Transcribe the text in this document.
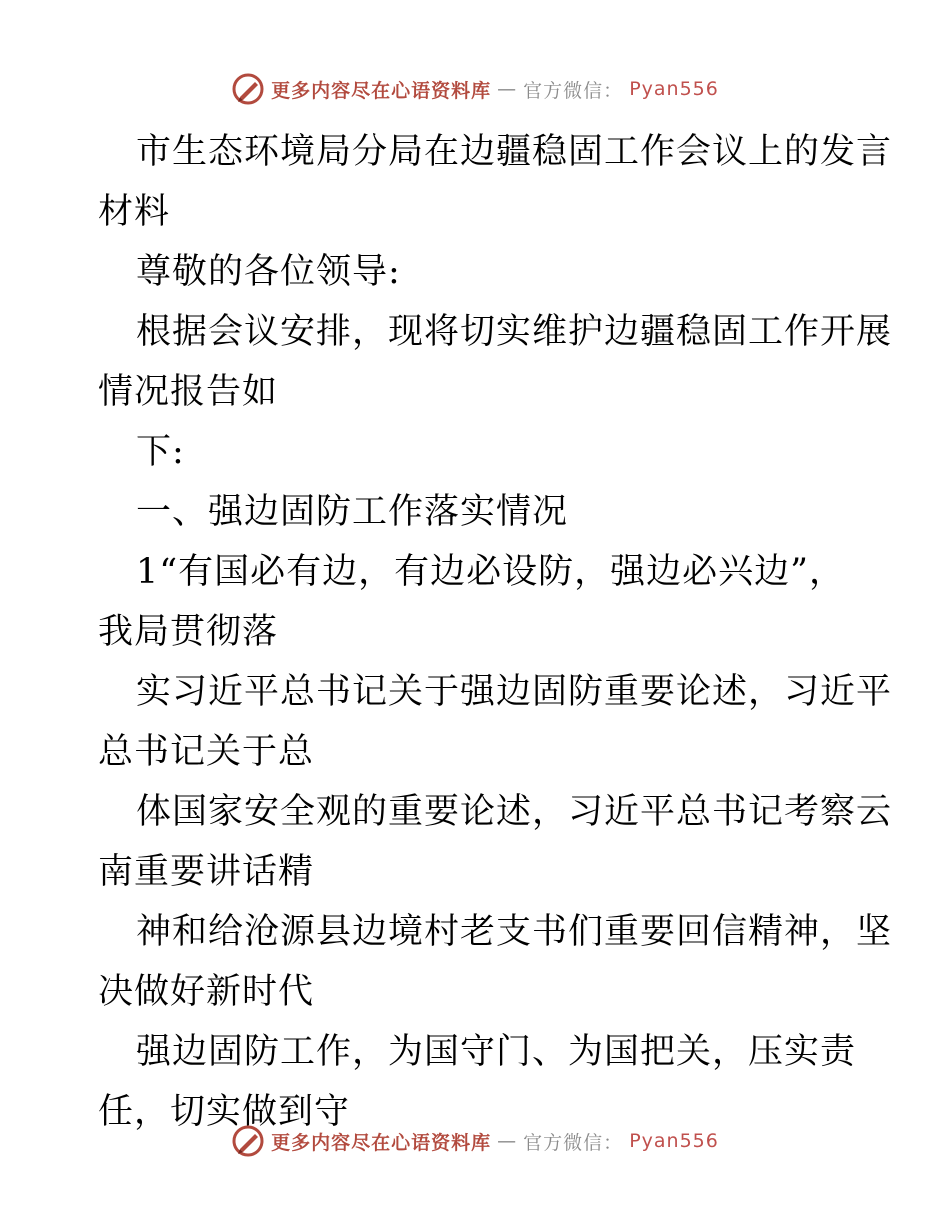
更多内容尽在心语资料库 — 官方微信： Pyan556
市生态环境局分局在边疆稳固工作会议上的发言
材料
尊敬的各位领导:
根据会议安排，现将切实维护边疆稳固工作开展
情况报告如
下:
一、强边固防工作落实情况
1“有国必有边，有边必设防，强边必兴边”，
我局贯彻落
实习近平总书记关于强边固防重要论述，习近平
总书记关于总
体国家安全观的重要论述，习近平总书记考察云
南重要讲话精
神和给沧源县边境村老支书们重要回信精神，坚
决做好新时代
强边固防工作，为国守门、为国把关，压实责
任，切实做到守
更多内容尽在心语资料库 — 官方微信： Pyan556
